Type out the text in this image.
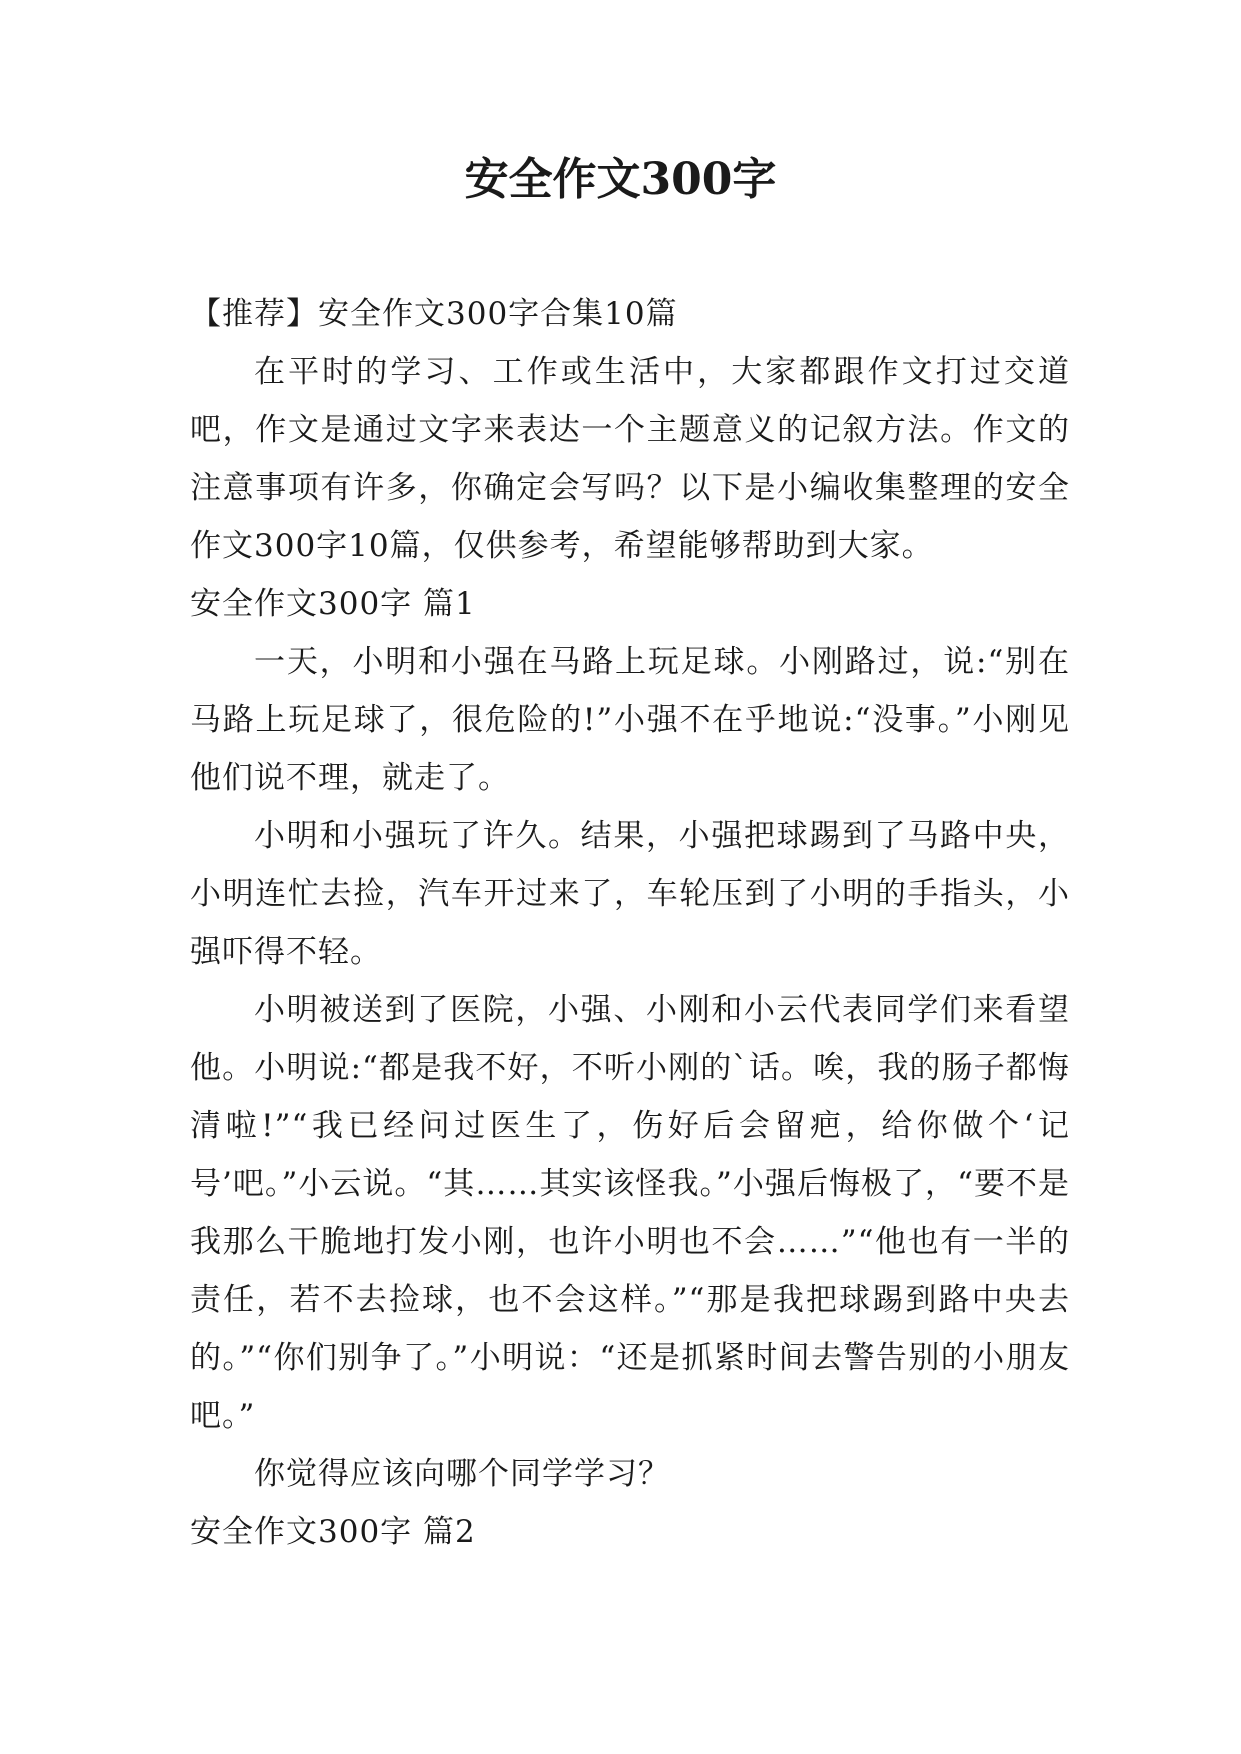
安全作文300字

【推荐】安全作文300字合集10篇

在平时的学习、工作或生活中，大家都跟作文打过交道吧，作文是通过文字来表达一个主题意义的记叙方法。作文的注意事项有许多，你确定会写吗？以下是小编收集整理的安全作文300字10篇，仅供参考，希望能够帮助到大家。

安全作文300字 篇1

一天，小明和小强在马路上玩足球。小刚路过，说:“别在马路上玩足球了，很危险的!”小强不在乎地说:“没事。”小刚见他们说不理，就走了。

小明和小强玩了许久。结果，小强把球踢到了马路中央，小明连忙去捡，汽车开过来了，车轮压到了小明的手指头，小强吓得不轻。

小明被送到了医院，小强、小刚和小云代表同学们来看望他。小明说:“都是我不好，不听小刚的`话。唉，我的肠子都悔清啦!”“我已经问过医生了，伤好后会留疤，给你做个‘记号’吧。”小云说。“其……其实该怪我。”小强后悔极了，“要不是我那么干脆地打发小刚，也许小明也不会……”“他也有一半的责任，若不去捡球，也不会这样。”“那是我把球踢到路中央去的。”“你们别争了。”小明说：“还是抓紧时间去警告别的小朋友吧。”

你觉得应该向哪个同学学习？

安全作文300字 篇2
